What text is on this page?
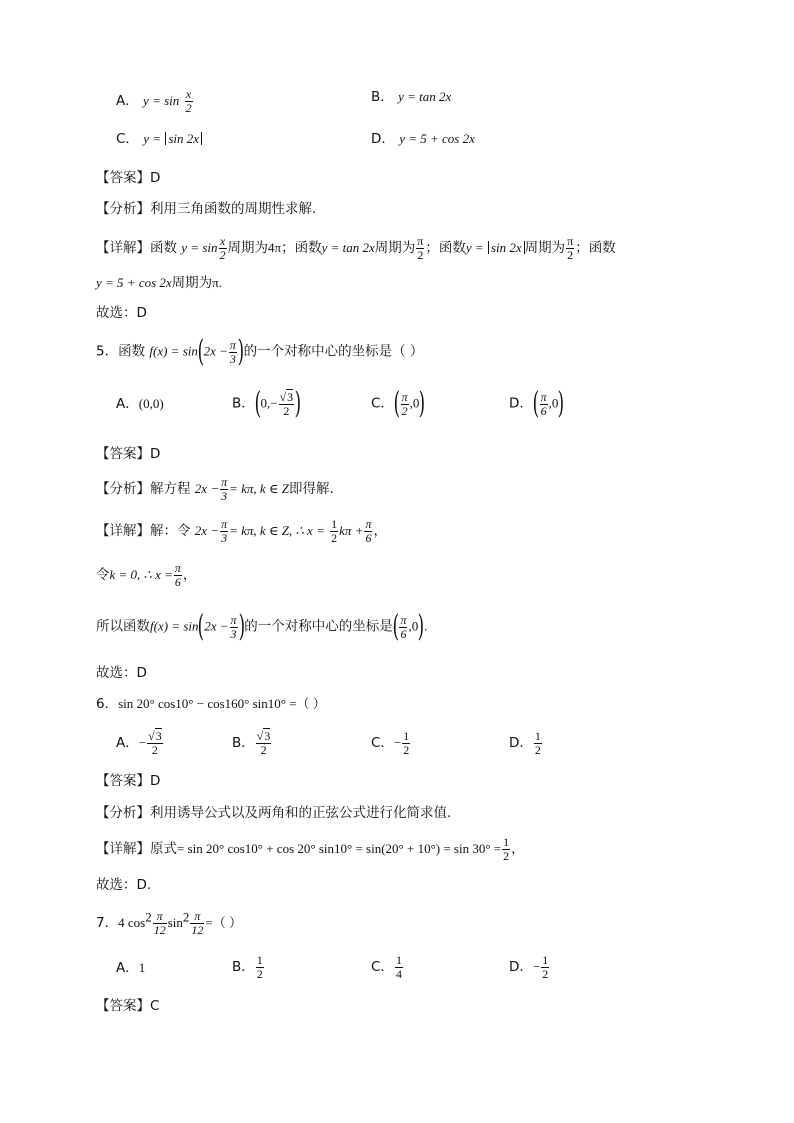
A． $y = \sin \frac{x}{2}$	B． y = tan 2x
C． y = sin 2x	D． y = 5 + cos 2x
【答案】D
【分析】利用三角函数的周期性求解.
【详解】函数 $y = \sin \frac{x}{2}$ 周期为4π；函数y = tan 2x周期为 $\frac{\pi}{2}$ ；函数y = sin 2x 周期为 $\frac{\pi}{2}$ ；函数
y = 5 + cos 2x周期为π.
故选：D
5．函数 $f(x) = \sin(2x - \frac{\pi}{3}$ )的一个对称中心的坐标是（ ）
A．(0,0)	B．($0,- \frac{√3}{2}$ )	C．( $\frac{\pi}{2} ,0$)	D．( $\frac{\pi}{6} ,0$)
【答案】D
【分析】解方程 $2x - \frac{\pi}{3} = k\pi$, k ∈ Z即得解.
【详解】解：令 $2x - \frac{\pi}{3} = k\pi$, k ∈ Z, ∴ $x = \frac{1}{2}$ $k\pi + \frac{\pi}{6}$ ，
令k = 0, ∴ $x = \frac{\pi}{6}$ ，
所以函数$f(x) = \sin(2x - \frac{\pi}{3}$ )的一个对称中心的坐标是( $\frac{\pi}{6} ,0$).
故选：D
6．sin 20° cos10° − cos160° sin10° =（ ）
A．− $\frac{√3}{2}$	B． $\frac{√3}{2}$	C．− $\frac{1}{2}$	D． $\frac{1}{2}$
【答案】D
【分析】利用诱导公式以及两角和的正弦公式进行化简求值.
【详解】原式= sin 20° cos10° + cos 20° $\sin 10^\circ = \sin(20^\circ + 10^\circ) = \sin 30^\circ = \frac{1}{2}$ ，
故选：D.
7．4 $\cos^2 \frac{\pi}{12} \sin^2 \frac{\pi}{12}$ =（ ）
A．1	B． $\frac{1}{2}$	C． $\frac{1}{4}$	D．− $\frac{1}{2}$
【答案】C
